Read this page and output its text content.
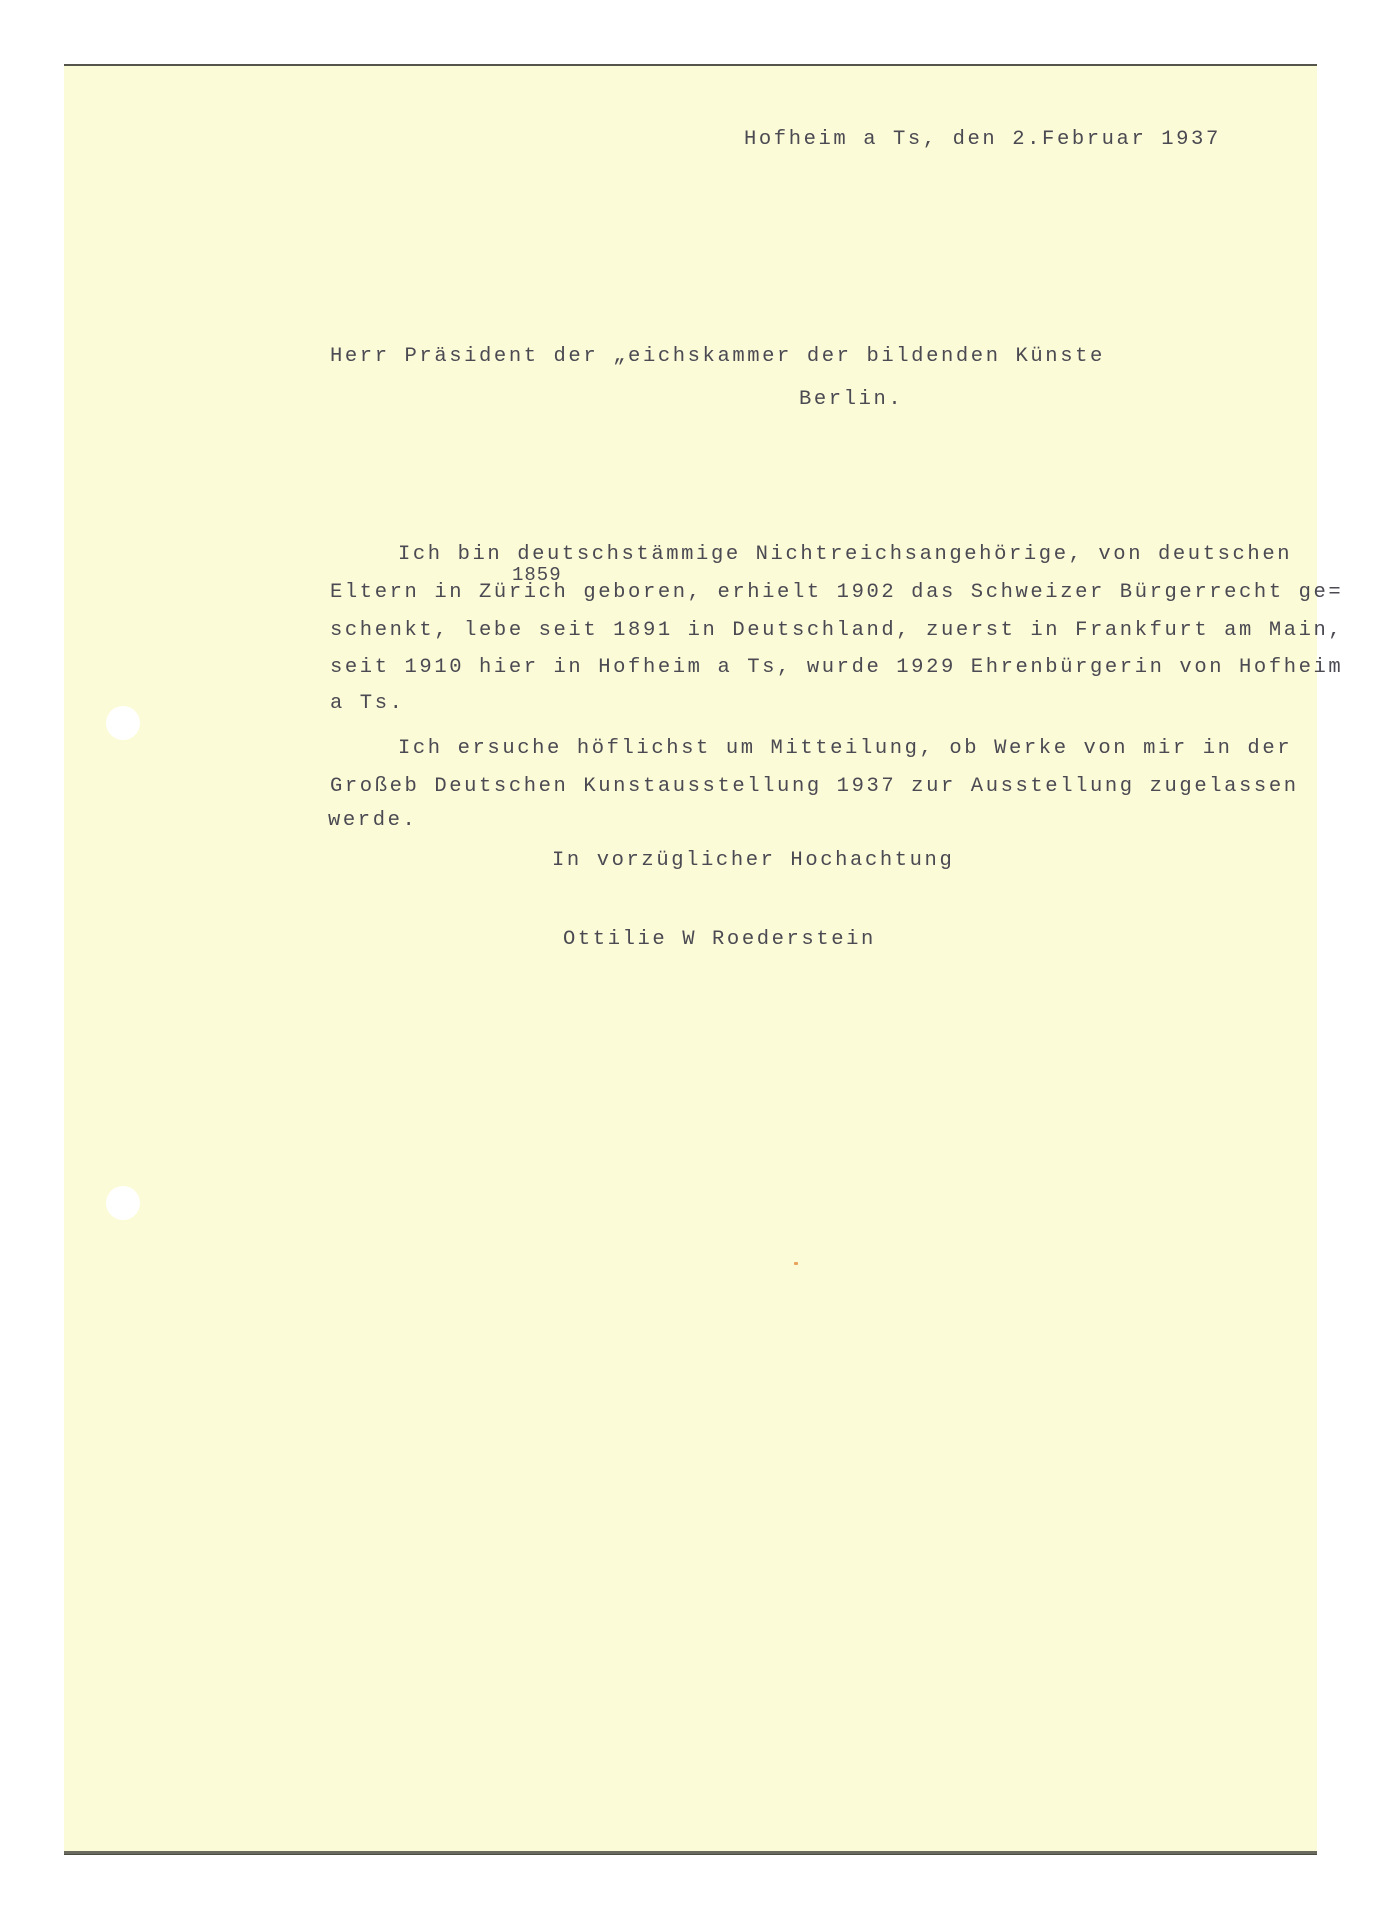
Hofheim a Ts, den 2.Februar 1937
Herr Präsident der „eichskammer der bildenden Künste
Berlin.
Ich bin deutschstämmige Nichtreichsangehörige, von deutschen
1859
Eltern in Zürich geboren, erhielt 1902 das Schweizer Bürgerrecht ge=
schenkt, lebe seit 1891 in Deutschland, zuerst in Frankfurt am Main,
seit 1910 hier in Hofheim a Ts, wurde 1929 Ehrenbürgerin von Hofheim
a Ts.
Ich ersuche höflichst um Mitteilung, ob Werke von mir in der
Großeb Deutschen Kunstausstellung 1937 zur Ausstellung zugelassen
werde.
In vorzüglicher Hochachtung
Ottilie W Roederstein
